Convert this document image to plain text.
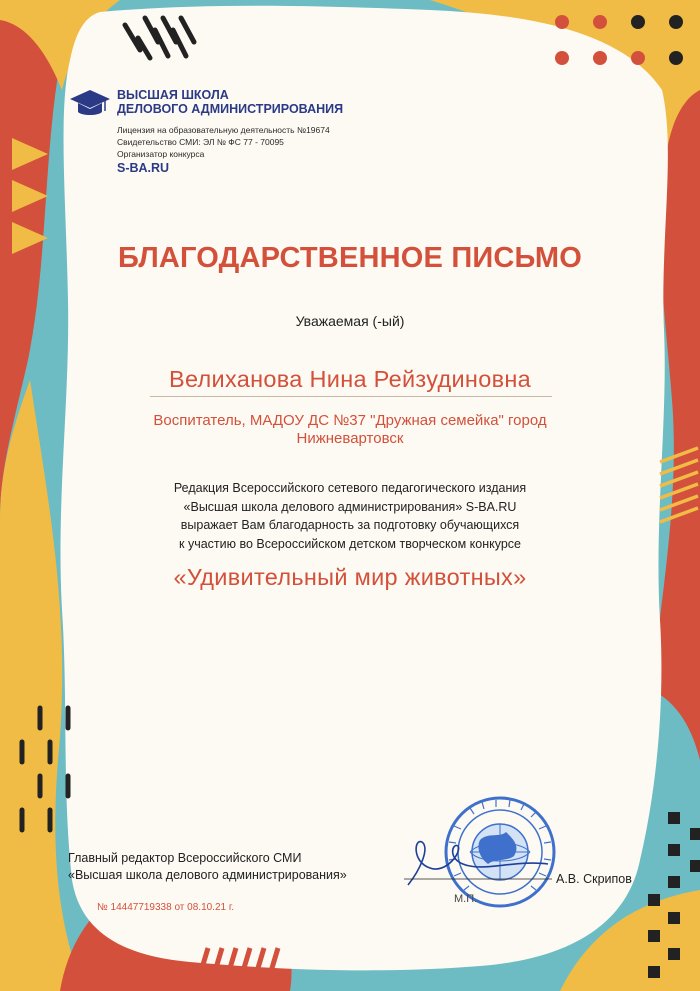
ВЫСШАЯ ШКОЛА
ДЕЛОВОГО АДМИНИСТРИРОВАНИЯ
Лицензия на образовательную деятельность №19674
Свидетельство СМИ: ЭЛ № ФС 77 - 70095
Организатор конкурса
S-BA.RU
БЛАГОДАРСТВЕННОЕ ПИСЬМО
Уважаемая (-ый)
Велиханова Нина Рейзудиновна
Воспитатель, МАДОУ ДС №37 "Дружная семейка" город
Нижневартовск
Редакция Всероссийского сетевого педагогического издания
«Высшая школа делового администрирования» S-BA.RU
выражает Вам благодарность за подготовку обучающихся
к участию во Всероссийском детском творческом конкурсе
«Удивительный мир животных»
Главный редактор Всероссийского СМИ
«Высшая школа делового администрирования»	А.В. Скрипов
М.П.
№ 14447719338 от 08.10.21 г.
